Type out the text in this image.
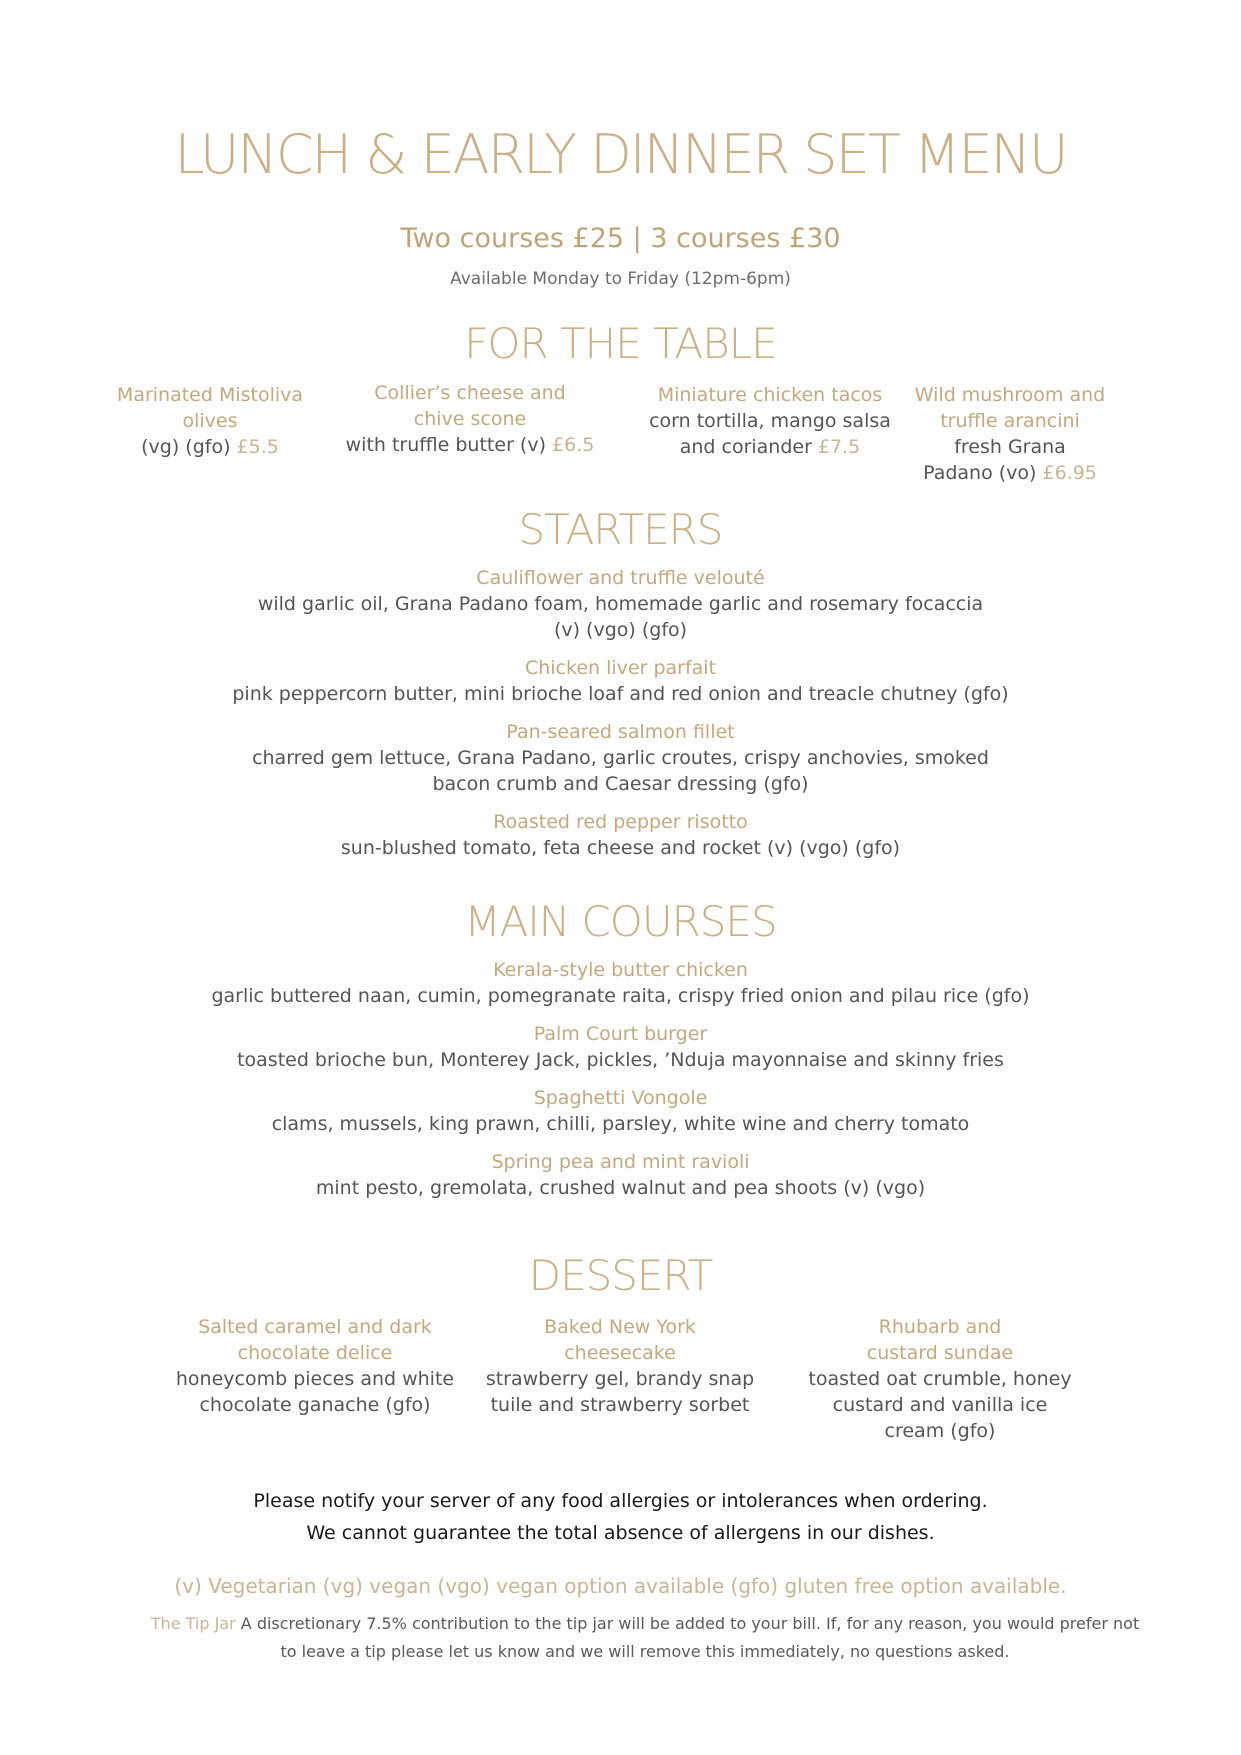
LUNCH & EARLY DINNER SET MENU
Two courses £25 | 3 courses £30
Available Monday to Friday (12pm-6pm)
FOR THE TABLE
Marinated Mistoliva
olives
(vg) (gfo) £5.5
Collier’s cheese and
chive scone
with truffle butter (v) £6.5
Miniature chicken tacos
corn tortilla, mango salsa
and coriander £7.5
Wild mushroom and
truffle arancini
fresh Grana
Padano (vo) £6.95
STARTERS
Cauliflower and truffle velouté
wild garlic oil, Grana Padano foam, homemade garlic and rosemary focaccia
(v) (vgo) (gfo)
Chicken liver parfait
pink peppercorn butter, mini brioche loaf and red onion and treacle chutney (gfo)
Pan-seared salmon fillet
charred gem lettuce, Grana Padano, garlic croutes, crispy anchovies, smoked
bacon crumb and Caesar dressing (gfo)
Roasted red pepper risotto
sun-blushed tomato, feta cheese and rocket (v) (vgo) (gfo)
MAIN COURSES
Kerala-style butter chicken
garlic buttered naan, cumin, pomegranate raita, crispy fried onion and pilau rice (gfo)
Palm Court burger
toasted brioche bun, Monterey Jack, pickles, ’Nduja mayonnaise and skinny fries
Spaghetti Vongole
clams, mussels, king prawn, chilli, parsley, white wine and cherry tomato
Spring pea and mint ravioli
mint pesto, gremolata, crushed walnut and pea shoots (v) (vgo)
DESSERT
Salted caramel and dark
chocolate delice
honeycomb pieces and white
chocolate ganache (gfo)
Baked New York
cheesecake
strawberry gel, brandy snap
tuile and strawberry sorbet
Rhubarb and
custard sundae
toasted oat crumble, honey
custard and vanilla ice
cream (gfo)
Please notify your server of any food allergies or intolerances when ordering.
We cannot guarantee the total absence of allergens in our dishes.
(v) Vegetarian (vg) vegan (vgo) vegan option available (gfo) gluten free option available.
The Tip Jar A discretionary 7.5% contribution to the tip jar will be added to your bill. If, for any reason, you would prefer not
to leave a tip please let us know and we will remove this immediately, no questions asked.
